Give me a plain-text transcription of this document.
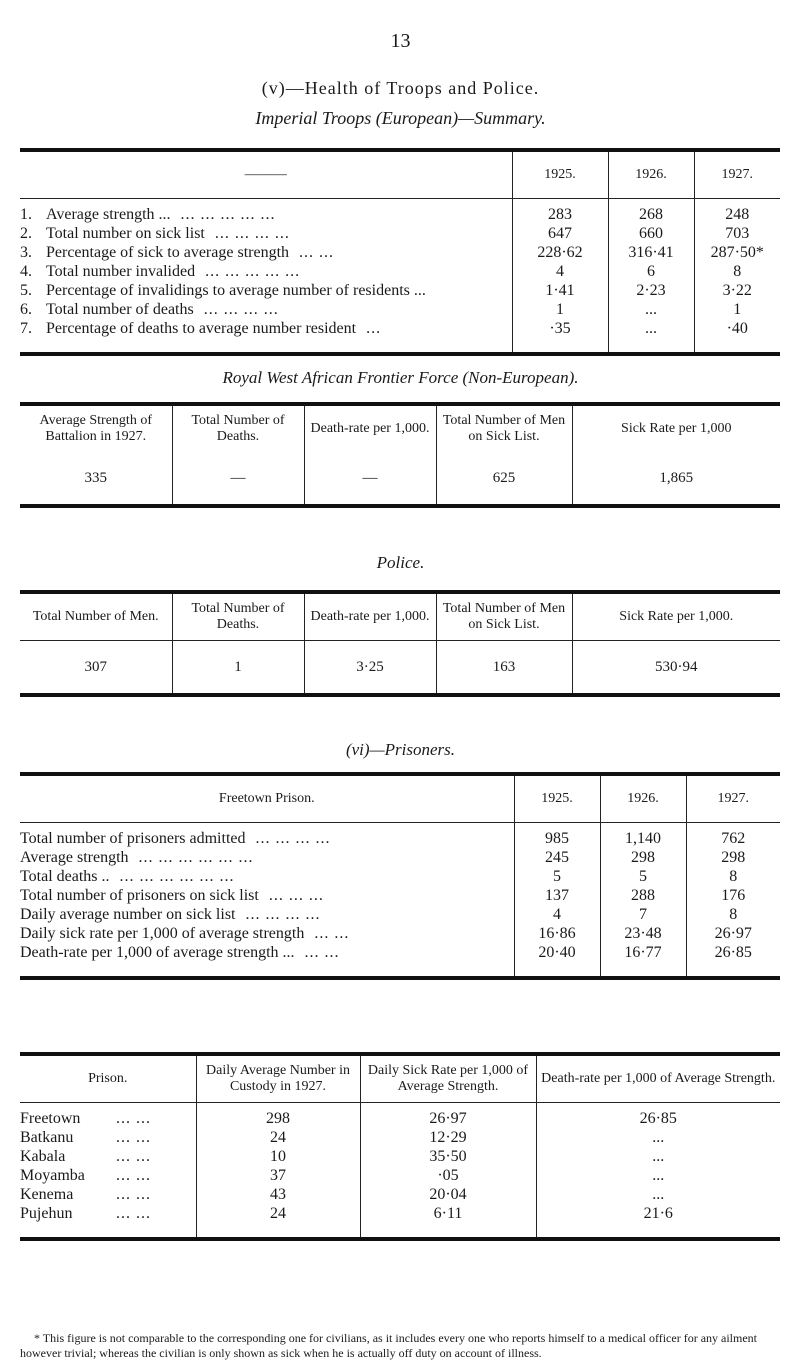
13
(v)—Health of Troops and Police.
Imperial Troops (European)—Summary.
———	1925.	1926.	1927.
1. Average strength ... ... ... ... ... ...	283	268	248
2. Total number on sick list ... ... ... ...	647	660	703
3. Percentage of sick to average strength ... ...	228·62	316·41	287·50*
4. Total number invalided ... ... ... ... ...	4	6	8
5. Percentage of invalidings to average number of residents ...	1·41	2·23	3·22
6. Total number of deaths ... ... ... ...	1	...	1
7. Percentage of deaths to average number resident ...	·35	...	·40
Royal West African Frontier Force (Non-European).
Average Strength of Battalion in 1927.	Total Number of Deaths.	Death-rate per 1,000.	Total Number of Men on Sick List.	Sick Rate per 1,000
335	—	—	625	1,865
Police.
Total Number of Men.	Total Number of Deaths.	Death-rate per 1,000.	Total Number of Men on Sick List.	Sick Rate per 1,000.
307	1	3·25	163	530·94
(vi)—Prisoners.
Freetown Prison.	1925.	1926.	1927.
Total number of prisoners admitted ... ... ... ...	985	1,140	762
Average strength ... ... ... ... ... ...	245	298	298
Total deaths .. ... ... ... ... ... ...	5	5	8
Total number of prisoners on sick list ... ... ...	137	288	176
Daily average number on sick list ... ... ... ...	4	7	8
Daily sick rate per 1,000 of average strength ... ...	16·86	23·48	26·97
Death-rate per 1,000 of average strength ... ... ...	20·40	16·77	26·85
Prison.	Daily Average Number in Custody in 1927.	Daily Sick Rate per 1,000 of Average Strength.	Death-rate per 1,000 of Average Strength.
Freetown ... ...	298	26·97	26·85
Batkanu ... ...	24	12·29	...
Kabala ... ...	10	35·50	...
Moyamba ... ...	37	·05	...
Kenema ... ...	43	20·04	...
Pujehun ... ...	24	6·11	21·6
* This figure is not comparable to the corresponding one for civilians, as it includes every one who reports himself to a medical officer for any ailment however trivial; whereas the civilian is only shown as sick when he is actually off duty on account of illness.
